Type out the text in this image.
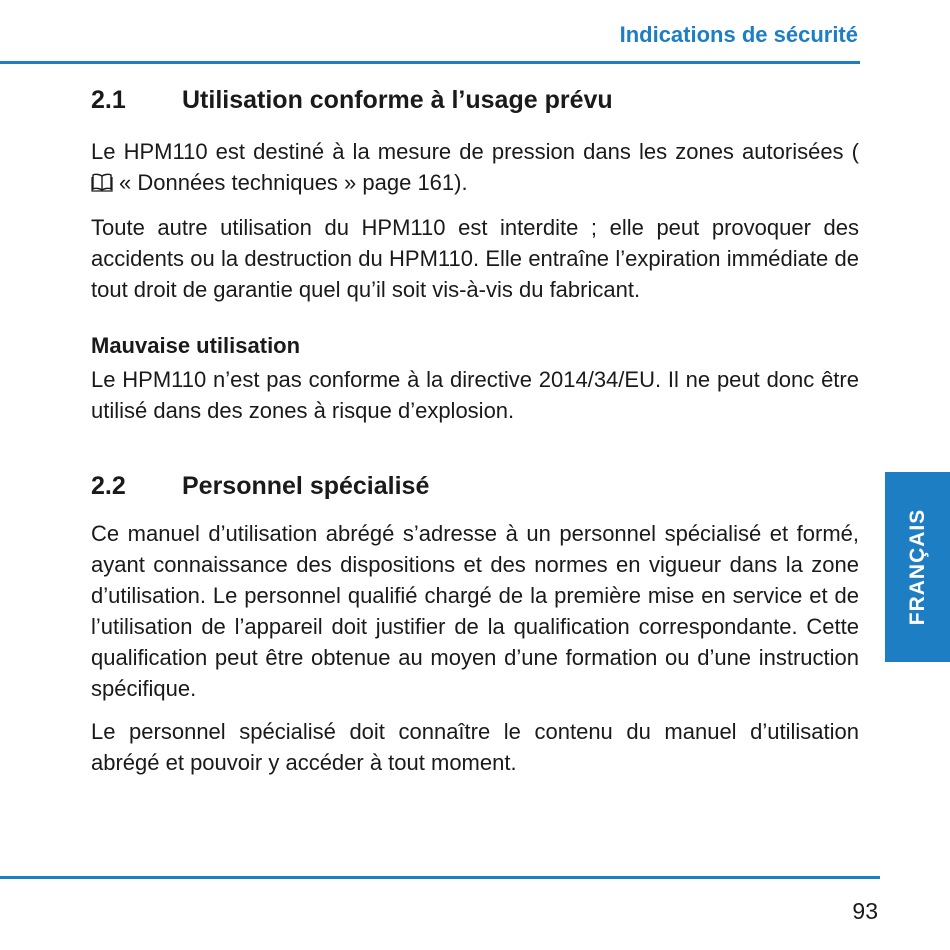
Indications de sécurité
2.1	Utilisation conforme à l’usage prévu

Le HPM110 est destiné à la mesure de pression dans les zones autorisées (« Données techniques » page 161).

Toute autre utilisation du HPM110 est interdite ; elle peut provoquer des accidents ou la destruction du HPM110. Elle entraîne l’expiration immédiate de tout droit de garantie quel qu’il soit vis-à-vis du fabricant.

Mauvaise utilisation

Le HPM110 n’est pas conforme à la directive 2014/34/EU. Il ne peut donc être utilisé dans des zones à risque d’explosion.

2.2	Personnel spécialisé

Ce manuel d’utilisation abrégé s’adresse à un personnel spécialisé et formé, ayant connaissance des dispositions et des normes en vigueur dans la zone d’utilisation. Le personnel qualifié chargé de la première mise en service et de l’utilisation de l’appareil doit justifier de la qualification correspondante. Cette qualification peut être obtenue au moyen d’une formation ou d’une instruction spécifique.

Le personnel spécialisé doit connaître le contenu du manuel d’utilisation abrégé et pouvoir y accéder à tout moment.

FRANÇAIS
93
